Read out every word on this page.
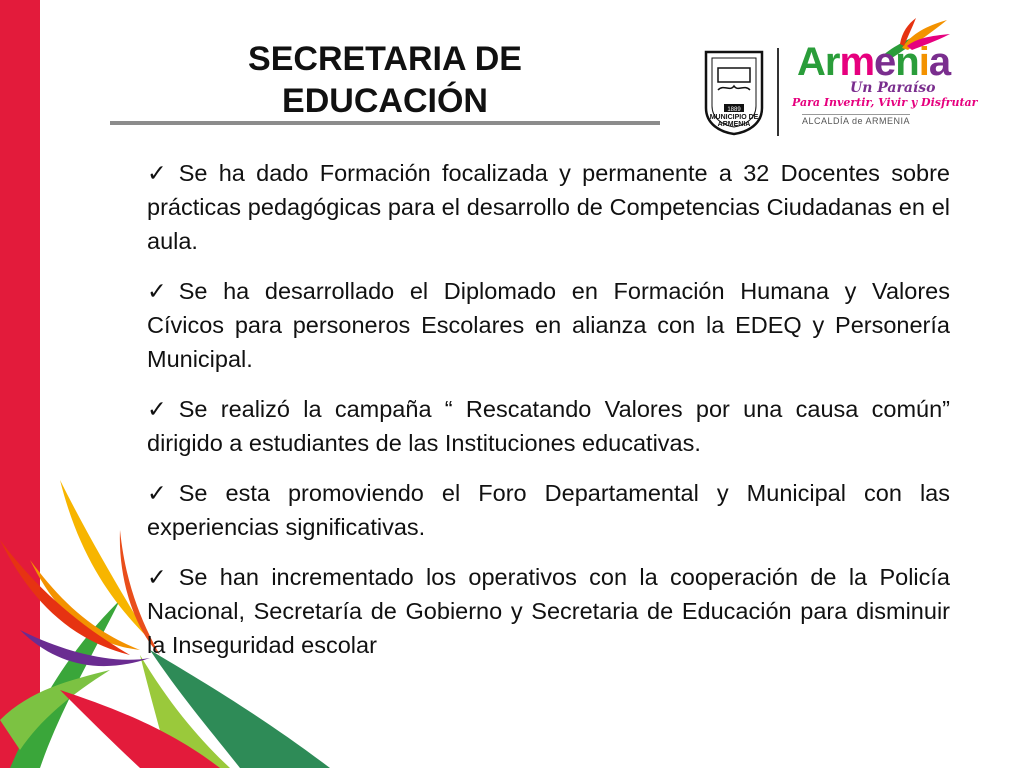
SECRETARIA DE
EDUCACIÓN	1889
MUNICIPIO DE ARMENIA
Armenia
Un Paraíso
Para Invertir, Vivir y Disfrutar
ALCALDÍA de ARMENIA
✓ Se ha dado Formación focalizada y permanente a 32 Docentes sobre prácticas pedagógicas para el desarrollo de Competencias Ciudadanas en el aula.
✓ Se ha desarrollado el Diplomado en Formación Humana y Valores Cívicos para personeros Escolares en alianza con la EDEQ y Personería Municipal.
✓ Se realizó la campaña “ Rescatando Valores por una causa común” dirigido a estudiantes de las Instituciones educativas.
✓ Se esta promoviendo el Foro Departamental y Municipal con las experiencias significativas.
✓ Se han incrementado los operativos con la cooperación de la Policía Nacional, Secretaría de Gobierno y Secretaria de Educación para disminuir la Inseguridad escolar
